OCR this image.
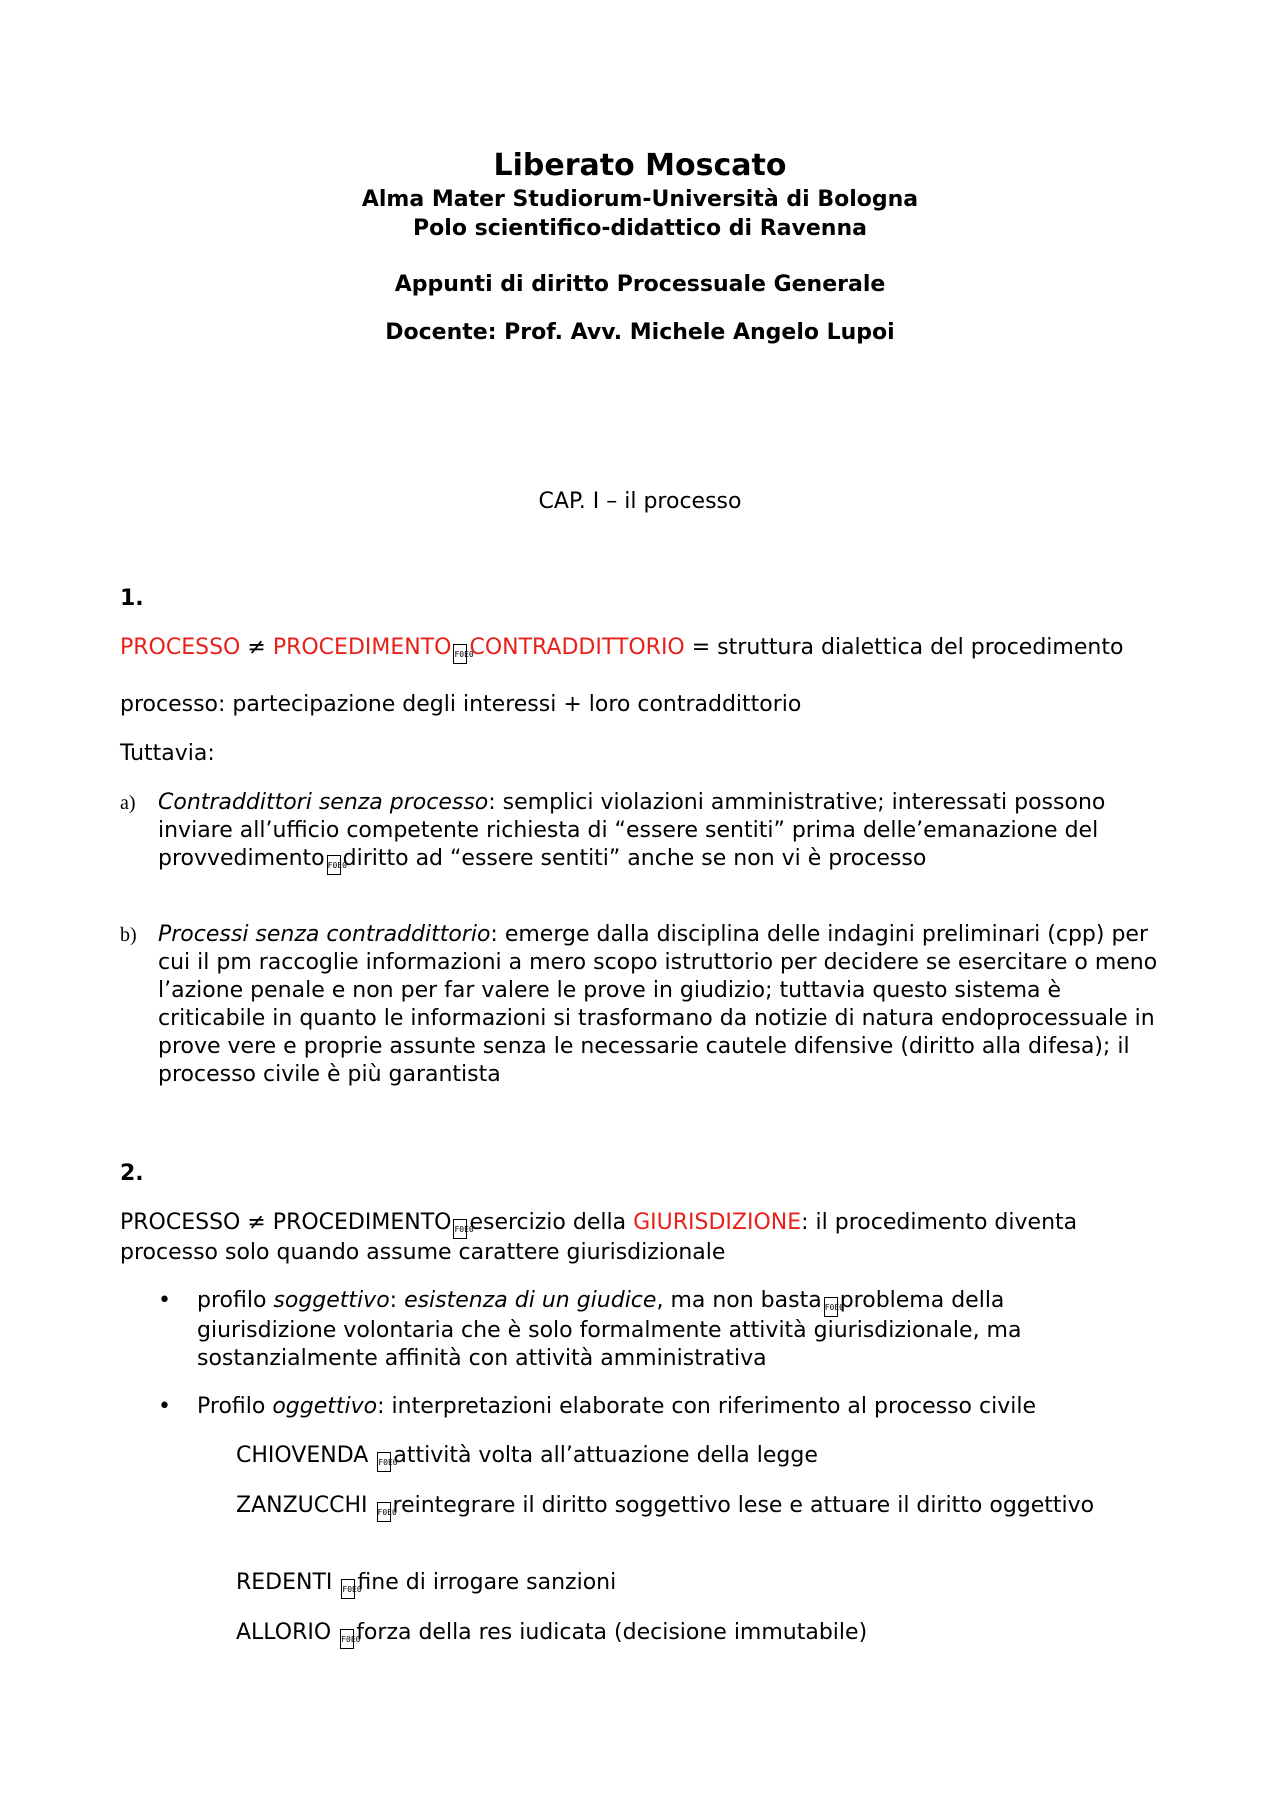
Liberato Moscato
Alma Mater Studiorum-Università di Bologna
Polo scientifico-didattico di Ravenna
Appunti di diritto Processuale Generale
Docente: Prof. Avv. Michele Angelo Lupoi
CAP. I – il processo
1.
PROCESSO ≠ PROCEDIMENTO F0E0CONTRADDITTORIO = struttura dialettica del procedimento
processo: partecipazione degli interessi + loro contraddittorio
Tuttavia:
a) Contraddittori senza processo: semplici violazioni amministrative; interessati possono inviare all’ufficio competente richiesta di “essere sentiti” prima delle’emanazione del provvedimento F0E0diritto ad “essere sentiti” anche se non vi è processo
b) Processi senza contraddittorio: emerge dalla disciplina delle indagini preliminari (cpp) per cui il pm raccoglie informazioni a mero scopo istruttorio per decidere se esercitare o meno l’azione penale e non per far valere le prove in giudizio; tuttavia questo sistema è criticabile in quanto le informazioni si trasformano da notizie di natura endoprocessuale in prove vere e proprie assunte senza le necessarie cautele difensive (diritto alla difesa); il processo civile è più garantista
2.
PROCESSO ≠ PROCEDIMENTO F0E0esercizio della GIURISDIZIONE: il procedimento diventa processo solo quando assume carattere giurisdizionale
• profilo soggettivo: esistenza di un giudice, ma non basta F0E0problema della giurisdizione volontaria che è solo formalmente attività giurisdizionale, ma sostanzialmente affinità con attività amministrativa
• Profilo oggettivo: interpretazioni elaborate con riferimento al processo civile
CHIOVENDA F0E0attività volta all’attuazione della legge
ZANZUCCHI F0E0reintegrare il diritto soggettivo lese e attuare il diritto oggettivo
REDENTI F0E0fine di irrogare sanzioni
ALLORIO F0E0forza della res iudicata (decisione immutabile)
